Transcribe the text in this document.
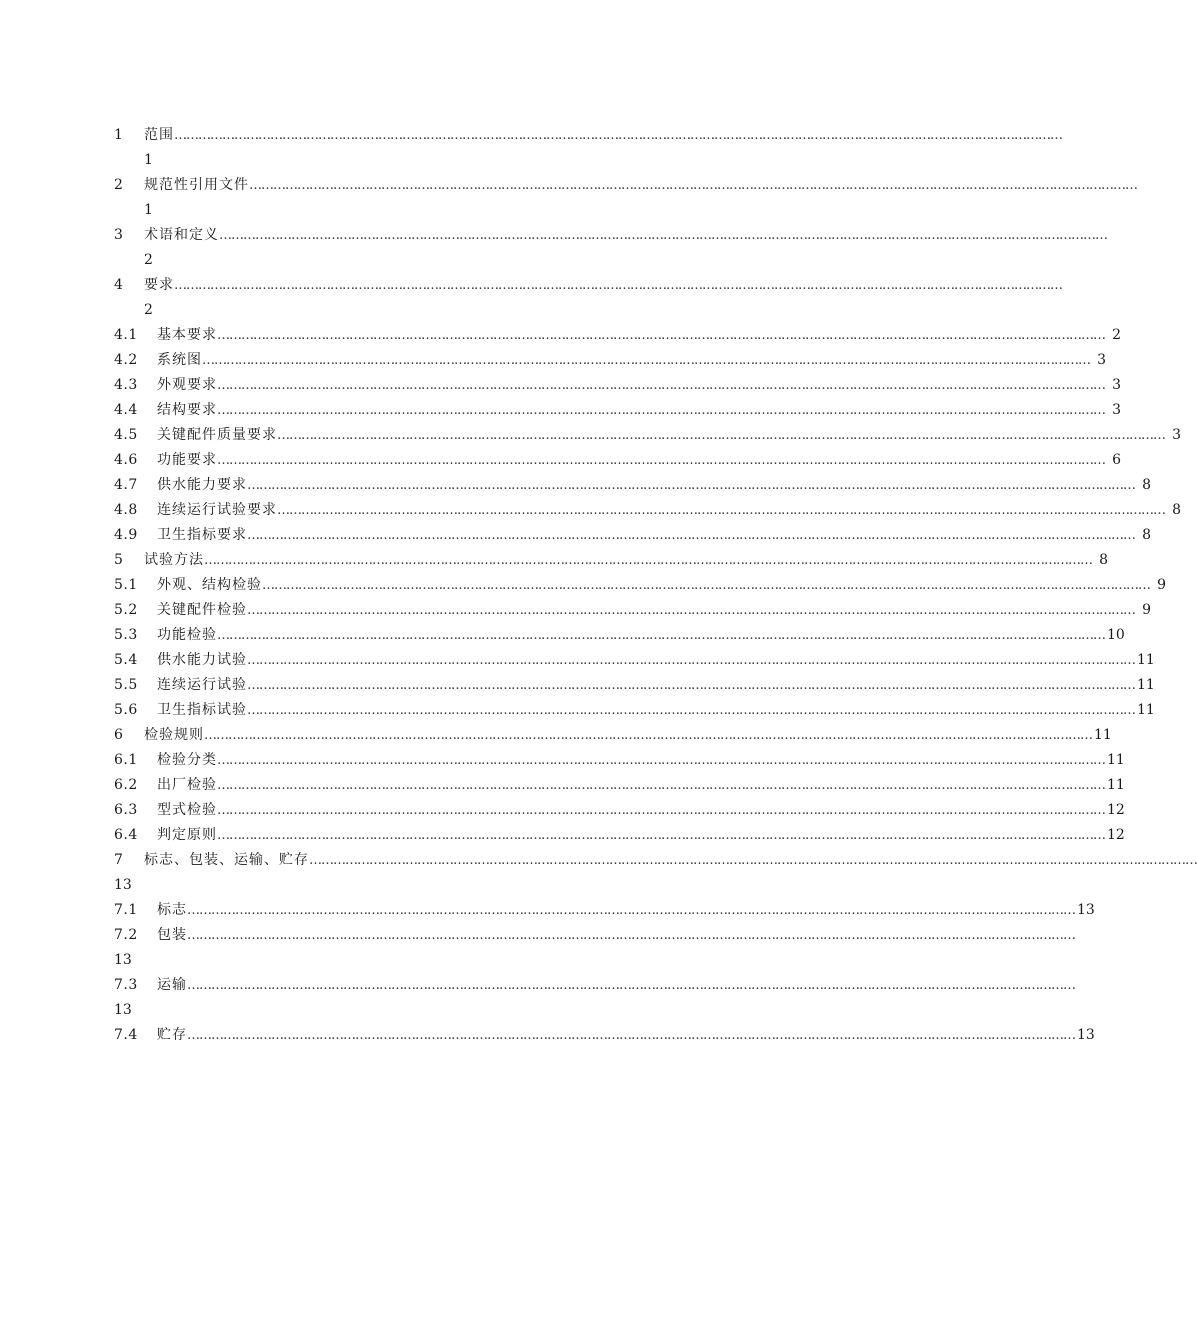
1	范围 ……………………………………………………………………………………………………………………………………………………………………………………………………
1
2	规范性引用文件 ……………………………………………………………………………………………………………………………………………………………………………………………………
1
3	术语和定义 ……………………………………………………………………………………………………………………………………………………………………………………………………
2
4	要求 ……………………………………………………………………………………………………………………………………………………………………………………………………
2
4.1	基本要求 …………………………………………………………………………………………………………………………………………………………………………………………………… 2
4.2	系统图 …………………………………………………………………………………………………………………………………………………………………………………………………… 3
4.3	外观要求 …………………………………………………………………………………………………………………………………………………………………………………………………… 3
4.4	结构要求 …………………………………………………………………………………………………………………………………………………………………………………………………… 3
4.5	关键配件质量要求 …………………………………………………………………………………………………………………………………………………………………………………………………… 3
4.6	功能要求 …………………………………………………………………………………………………………………………………………………………………………………………………… 6
4.7	供水能力要求 …………………………………………………………………………………………………………………………………………………………………………………………………… 8
4.8	连续运行试验要求 …………………………………………………………………………………………………………………………………………………………………………………………………… 8
4.9	卫生指标要求 …………………………………………………………………………………………………………………………………………………………………………………………………… 8
5	试验方法 …………………………………………………………………………………………………………………………………………………………………………………………………… 8
5.1	外观、结构检验 …………………………………………………………………………………………………………………………………………………………………………………………………… 9
5.2	关键配件检验 …………………………………………………………………………………………………………………………………………………………………………………………………… 9
5.3	功能检验 …………………………………………………………………………………………………………………………………………………………………………………………………… 10
5.4	供水能力试验 …………………………………………………………………………………………………………………………………………………………………………………………………… 11
5.5	连续运行试验 …………………………………………………………………………………………………………………………………………………………………………………………………… 11
5.6	卫生指标试验 …………………………………………………………………………………………………………………………………………………………………………………………………… 11
6	检验规则 …………………………………………………………………………………………………………………………………………………………………………………………………… 11
6.1	检验分类 …………………………………………………………………………………………………………………………………………………………………………………………………… 11
6.2	出厂检验 …………………………………………………………………………………………………………………………………………………………………………………………………… 11
6.3	型式检验 …………………………………………………………………………………………………………………………………………………………………………………………………… 12
6.4	判定原则 …………………………………………………………………………………………………………………………………………………………………………………………………… 12
7	标志、包装、运输、贮存 ……………………………………………………………………………………………………………………………………………………………………………………………………
13
7.1	标志 …………………………………………………………………………………………………………………………………………………………………………………………………… 13
7.2	包装 ……………………………………………………………………………………………………………………………………………………………………………………………………
13
7.3	运输 ……………………………………………………………………………………………………………………………………………………………………………………………………
13
7.4	贮存 …………………………………………………………………………………………………………………………………………………………………………………………………… 13
